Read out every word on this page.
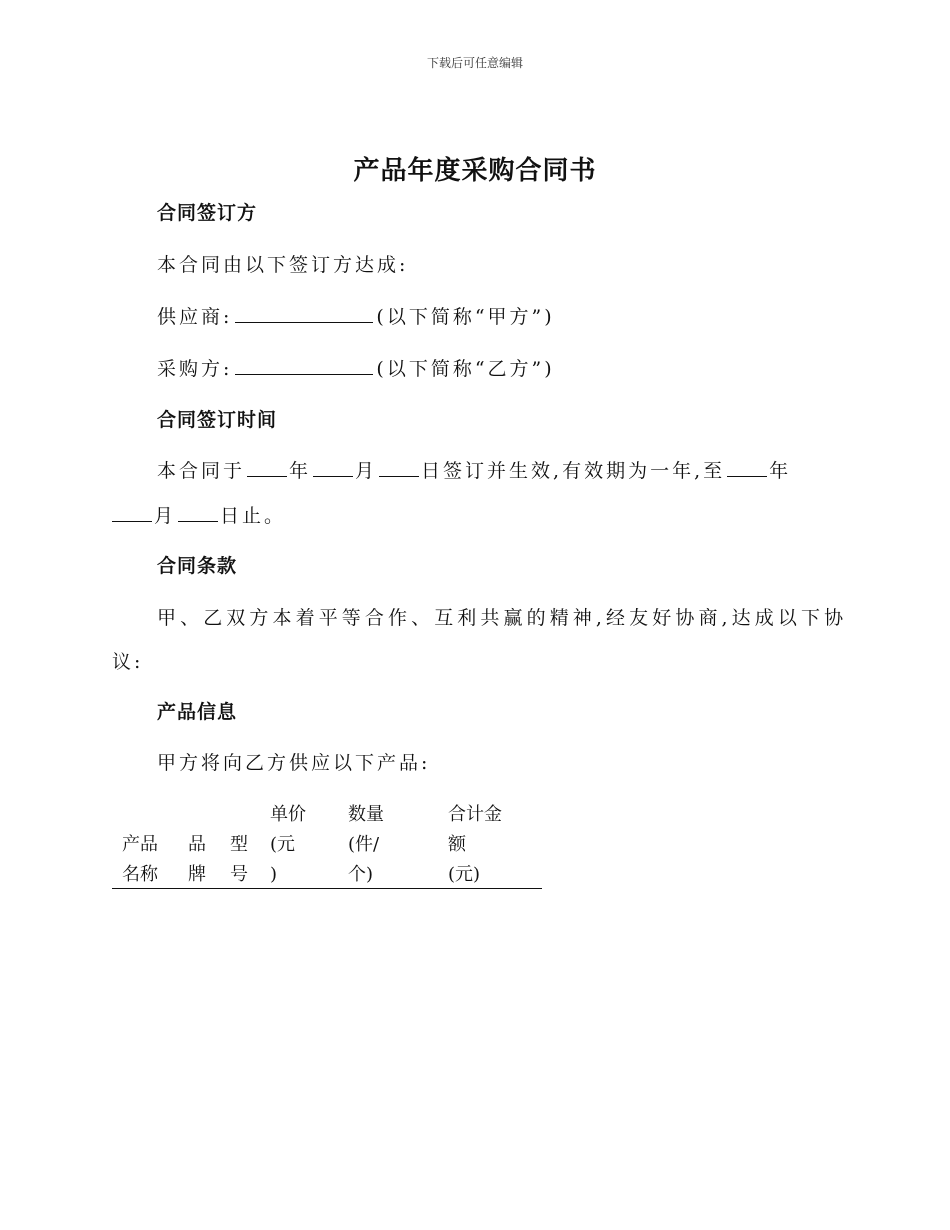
下载后可任意编辑
产品年度采购合同书
合同签订方
本合同由以下签订方达成:
供应商:	(以下简称“甲方”)
采购方:	(以下简称“乙方”)
合同签订时间
本合同于 年 月 日签订并生效,有效期为一年,至 年
月 日止。
合同条款
甲、乙双方本着平等合作、互利共赢的精神,经友好协商,达成以下协
议:
产品信息
甲方将向乙方供应以下产品:

产品
名称

品
牌

型
号
单价
(元
)
数量
(件/
个)
合计金
额
(元)
